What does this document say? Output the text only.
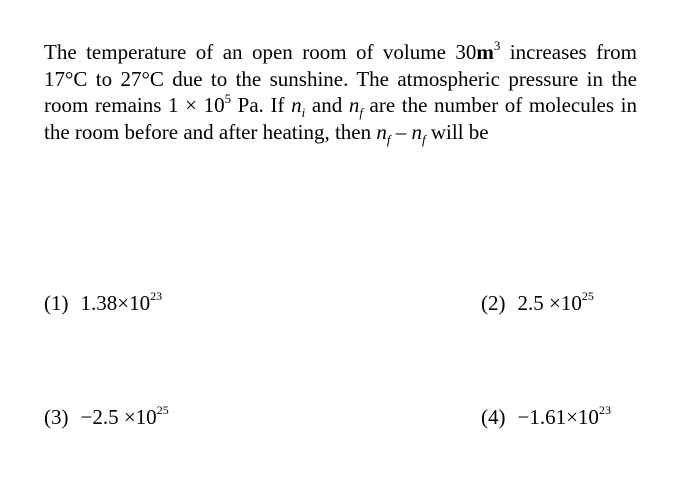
The temperature of an open room of volume $30m^3$ increases from 17°C to 27°C due to the sunshine. The atmospheric pressure in the room remains $1 \times 10^5$ Pa. If $n_i$ and $n_f$ are the number of molecules in the room before and after heating, then $n_f - n_f$ will be

(1) $1.38\times 10^{23}$	(2) $2.5 \times 10^{25}$
$(3) -2.5 \times 10^{25}$	$(4) -1.61\times 10^{23}$
